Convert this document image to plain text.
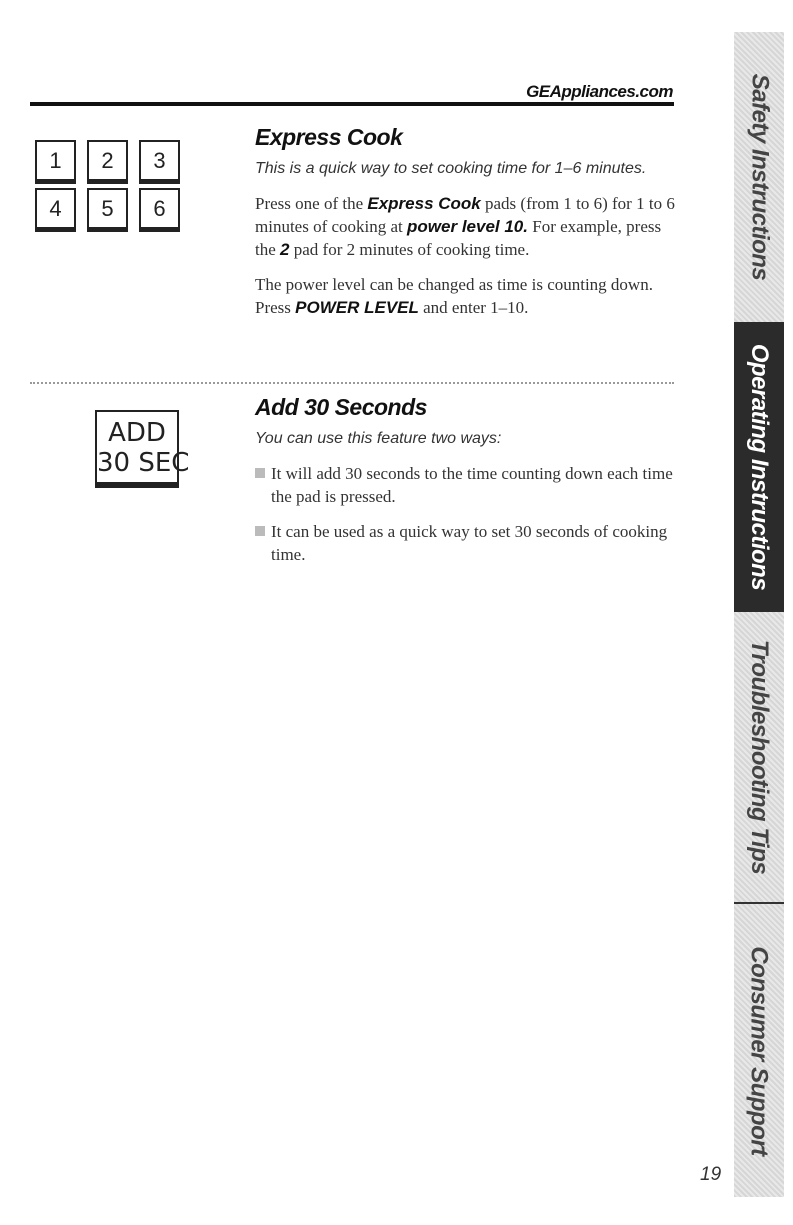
GEAppliances.com
1	2	3
4	5	6
Express Cook
This is a quick way to set cooking time for 1–6 minutes.

Press one of the Express Cook pads (from 1 to 6) for 1 to 6 minutes of cooking at power level 10. For example, press the 2 pad for 2 minutes of cooking time.

The power level can be changed as time is counting down. Press POWER LEVEL and enter 1–10.

ADD
30 SEC
Add 30 Seconds
You can use this feature two ways:
It will add 30 seconds to the time counting down each time the pad is pressed.
It can be used as a quick way to set 30 seconds of cooking time.
Safety Instructions
Operating Instructions
Troubleshooting Tips
Consumer Support
19
